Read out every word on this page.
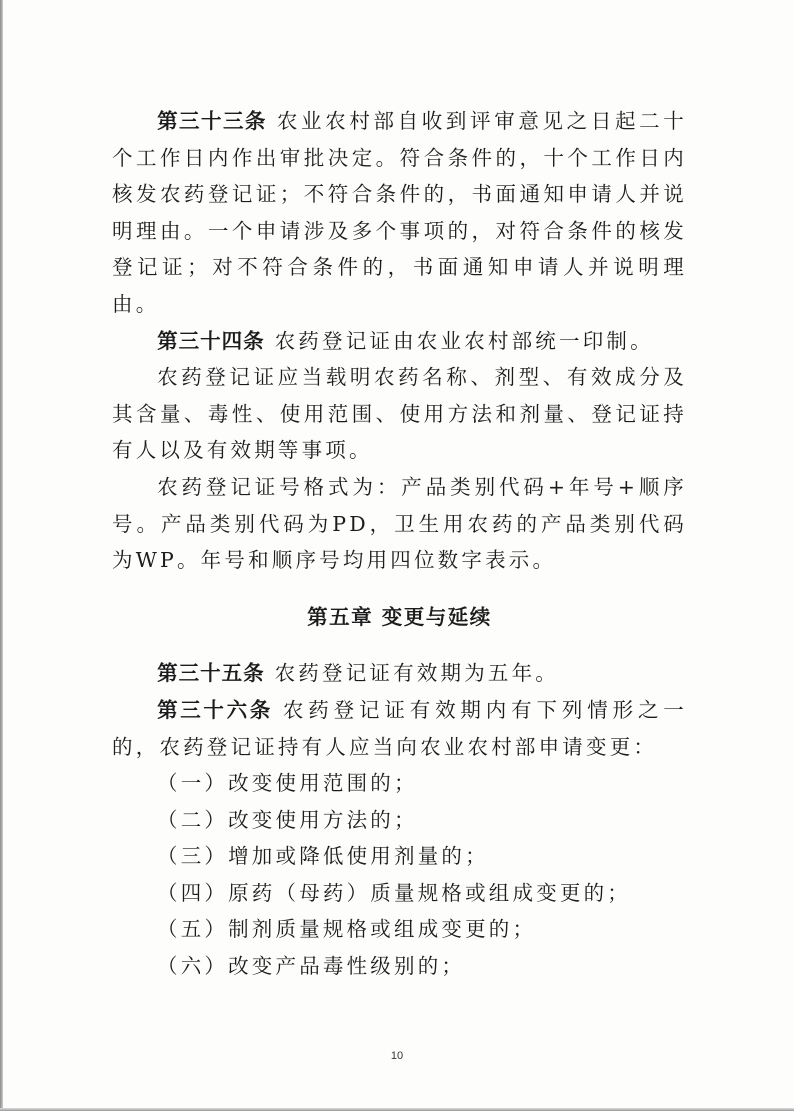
第三十三条 农业农村部自收到评审意见之日起二十个工作日内作出审批决定。符合条件的，十个工作日内核发农药登记证；不符合条件的，书面通知申请人并说明理由。一个申请涉及多个事项的，对符合条件的核发登记证；对不符合条件的，书面通知申请人并说明理由。

第三十四条 农药登记证由农业农村部统一印制。

农药登记证应当载明农药名称、剂型、有效成分及其含量、毒性、使用范围、使用方法和剂量、登记证持有人以及有效期等事项。

农药登记证号格式为：产品类别代码+年号+顺序号。产品类别代码为PD，卫生用农药的产品类别代码为WP。年号和顺序号均用四位数字表示。

第五章 变更与延续

第三十五条 农药登记证有效期为五年。

第三十六条 农药登记证有效期内有下列情形之一的，农药登记证持有人应当向农业农村部申请变更：

（一）改变使用范围的；

（二）改变使用方法的；

（三）增加或降低使用剂量的；

（四）原药（母药）质量规格或组成变更的；

（五）制剂质量规格或组成变更的；

（六）改变产品毒性级别的；

10
